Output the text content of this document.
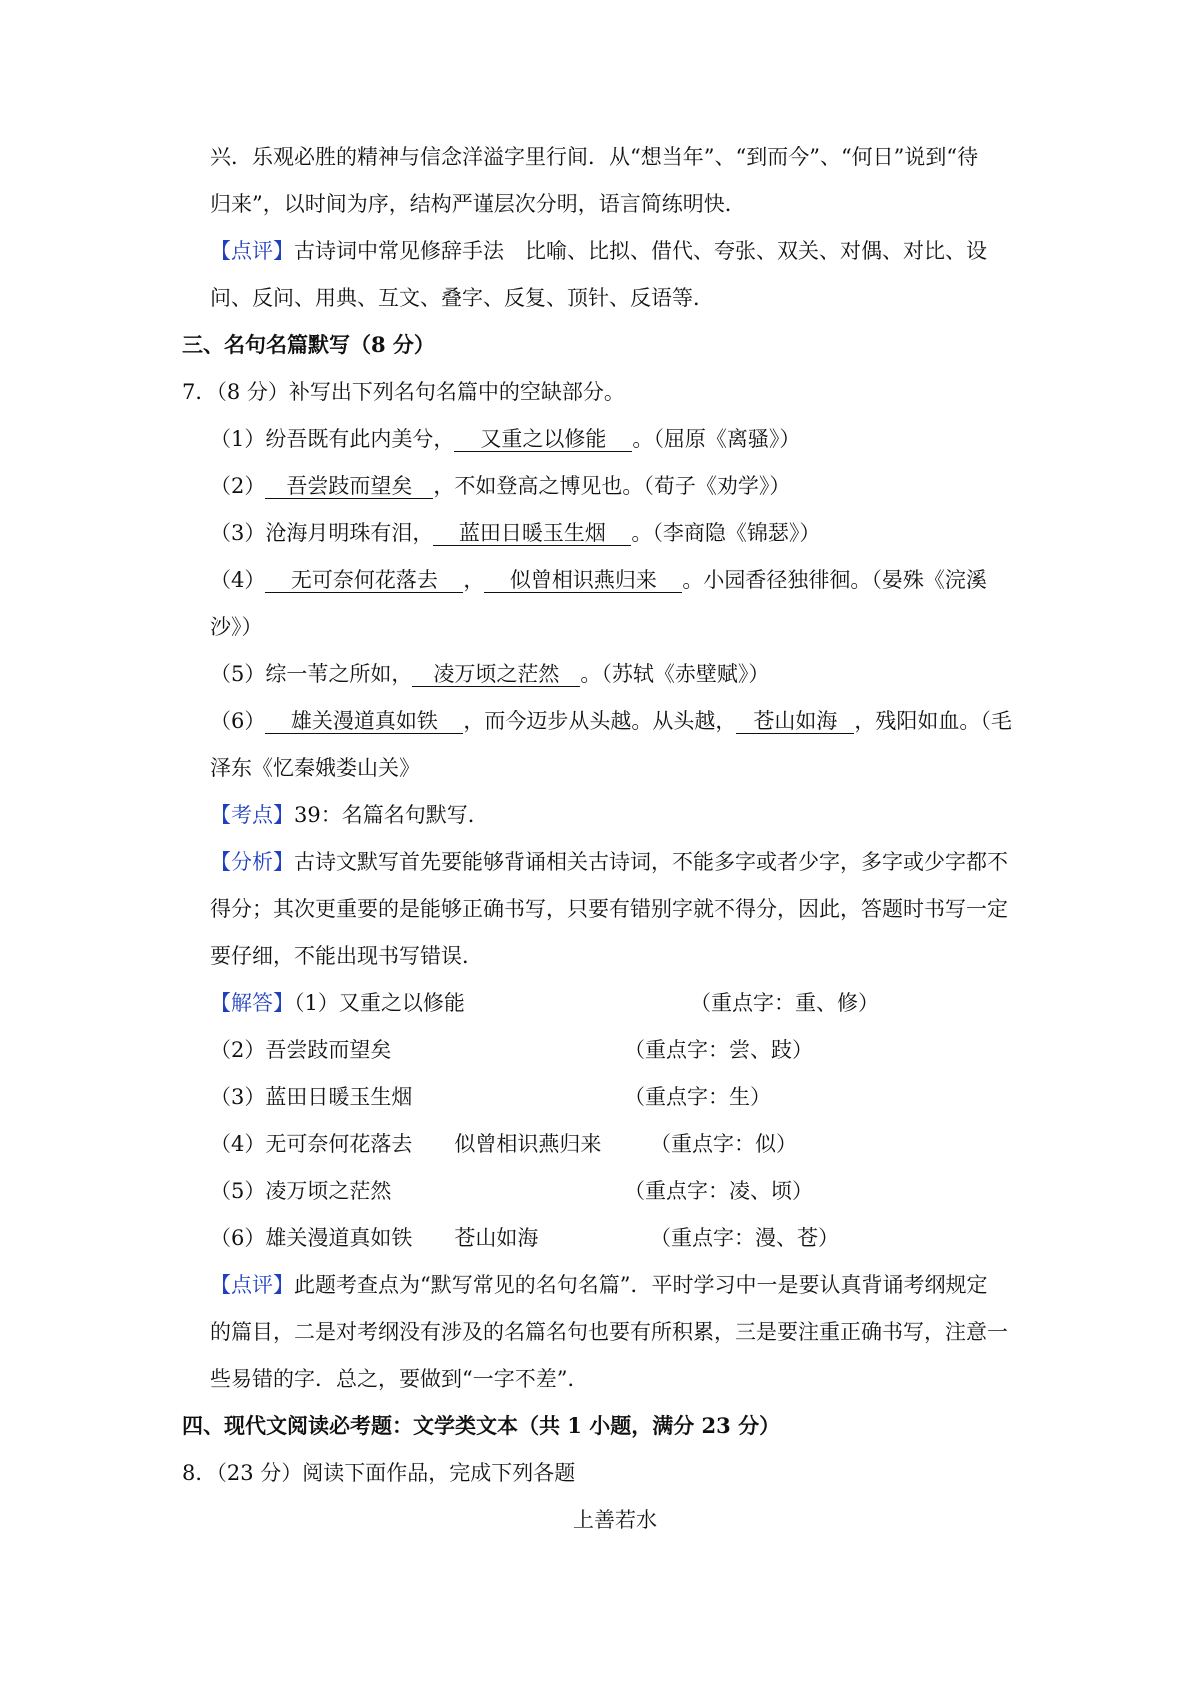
兴．乐观必胜的精神与信念洋溢字里行间．从“想当年”、“到而今”、“何日”说到“待
归来”，以时间为序，结构严谨层次分明，语言简练明快．
【点评】古诗词中常见修辞手法　比喻、比拟、借代、夸张、双关、对偶、对比、设
问、反问、用典、互文、叠字、反复、顶针、反语等．
三、名句名篇默写（8 分）
7．（8 分）补写出下列名句名篇中的空缺部分。
（1）纷吾既有此内美兮， 又重之以修能 。（屈原《离骚》）
（2） 吾尝跂而望矣 ，不如登高之博见也。（荀子《劝学》）
（3）沧海月明珠有泪， 蓝田日暖玉生烟 。（李商隐《锦瑟》）
（4） 无可奈何花落去 ， 似曾相识燕归来 。小园香径独徘徊。（晏殊《浣溪
沙》）
（5）综一苇之所如， 凌万顷之茫然 。（苏轼《赤壁赋》）
（6） 雄关漫道真如铁 ，而今迈步从头越。从头越， 苍山如海 ，残阳如血。（毛
泽东《忆秦娥娄山关》
【考点】39：名篇名句默写．
【分析】古诗文默写首先要能够背诵相关古诗词，不能多字或者少字，多字或少字都不
得分；其次更重要的是能够正确书写，只要有错别字就不得分，因此，答题时书写一定
要仔细，不能出现书写错误．
【解答】（1）又重之以修能	（重点字：重、修）
（2）吾尝跂而望矣	（重点字：尝、跂）
（3）蓝田日暖玉生烟	（重点字：生）
（4）无可奈何花落去　　似曾相识燕归来 （重点字：似）
（5）凌万顷之茫然	（重点字：凌、顷）
（6）雄关漫道真如铁　　苍山如海	（重点字：漫、苍）
【点评】此题考查点为“默写常见的名句名篇”．平时学习中一是要认真背诵考纲规定
的篇目，二是对考纲没有涉及的名篇名句也要有所积累，三是要注重正确书写，注意一
些易错的字．总之，要做到“一字不差”．
四、现代文阅读必考题：文学类文本（共 1 小题，满分 23 分）
8．（23 分）阅读下面作品，完成下列各题
上善若水
